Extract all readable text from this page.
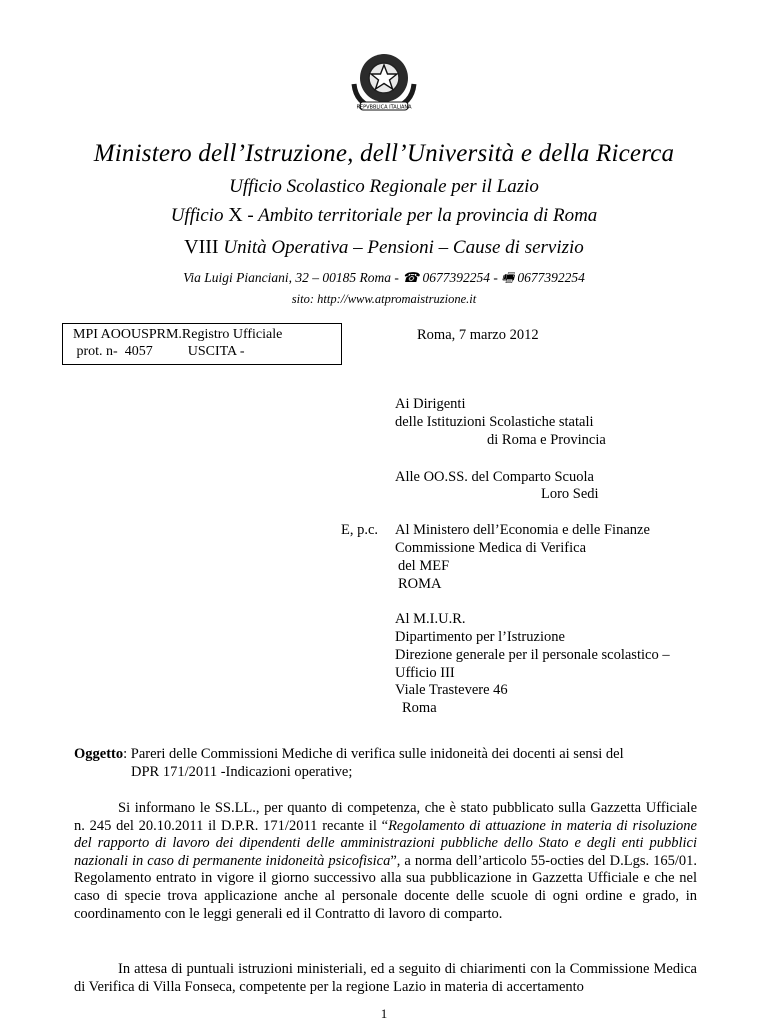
REPVBBLICA ITALIANA
Ministero dell’Istruzione, dell’Università e della Ricerca
Ufficio Scolastico Regionale per il Lazio
Ufficio X - Ambito territoriale per la provincia di Roma
VIII Unità Operativa – Pensioni – Cause di servizio
Via Luigi Pianciani, 32 – 00185 Roma - ☎ 0677392254 - 🖷 0677392254
sito: http://www.atpromaistruzione.it
MPI AOOUSPRM.Registro Ufficiale
prot. n-  4057          USCITA -
Roma, 7 marzo 2012
Ai Dirigenti
delle Istituzioni Scolastiche statali
di Roma e Provincia
Alle OO.SS. del Comparto Scuola
Loro Sedi
E, p.c. Al Ministero dell’Economia e delle Finanze
Commissione Medica di Verifica
del MEF
ROMA
Al M.I.U.R.
Dipartimento per l’Istruzione
Direzione generale per il personale scolastico –
Ufficio III
Viale Trastevere 46
Roma
Oggetto: Pareri delle Commissioni Mediche di verifica sulle inidoneità dei docenti ai sensi del
DPR 171/2011 -Indicazioni operative;
Si informano le SS.LL., per quanto di competenza, che è stato pubblicato sulla Gazzetta Ufficiale n. 245 del 20.10.2011 il D.P.R. 171/2011 recante il “Regolamento di attuazione in materia di risoluzione del rapporto di lavoro dei dipendenti delle amministrazioni pubbliche dello Stato e degli enti pubblici nazionali in caso di permanente inidoneità psicofisica”, a norma dell’articolo 55-octies del D.Lgs. 165/01. Regolamento entrato in vigore il giorno successivo alla sua pubblicazione in Gazzetta Ufficiale e che nel caso di specie trova applicazione anche al personale docente delle scuole di ogni ordine e grado, in coordinamento con le leggi generali ed il Contratto di lavoro di comparto.
In attesa di puntuali istruzioni ministeriali, ed a seguito di chiarimenti con la Commissione Medica di Verifica di Villa Fonseca, competente per la regione Lazio in materia di accertamento
1
